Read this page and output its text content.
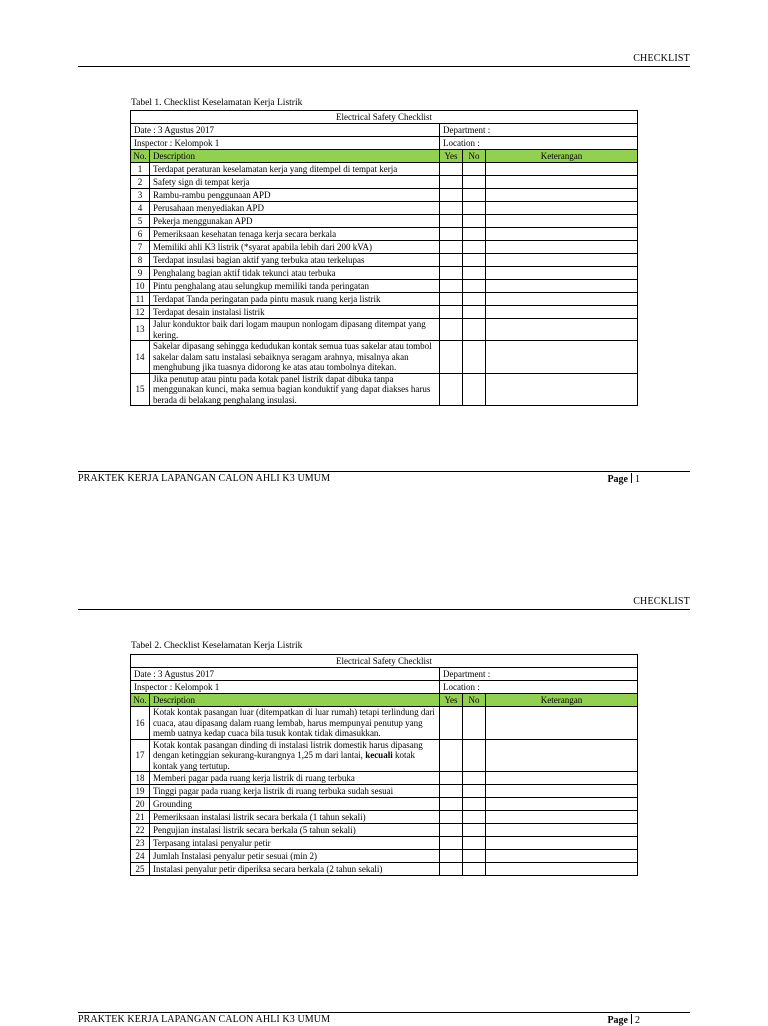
CHECKLIST
Tabel 1. Checklist Keselamatan Kerja Listrik
Electrical Safety Checklist				
Date : 3 Agustus 2017		Department :		
Inspector : Kelompok 1		Location :		
No.	Description	Yes	No	Keterangan
1	Terdapat peraturan keselamatan kerja yang ditempel di tempat kerja			
2	Safety sign di tempat kerja			
3	Rambu-rambu penggunaan APD			
4	Perusahaan menyediakan APD			
5	Pekerja menggunakan APD			
6	Pemeriksaan kesehatan tenaga kerja secara berkala			
7	Memiliki ahli K3 listrik (*syarat apabila lebih dari 200 kVA)			
8	Terdapat insulasi bagian aktif yang terbuka atau terkelupas			
9	Penghalang bagian aktif tidak tekunci atau terbuka			
10	Pintu penghalang atau selungkup memiliki tanda peringatan			
11	Terdapat Tanda peringatan pada pintu masuk ruang kerja listrik			
12	Terdapat desain instalasi listrik			
13	Jalur konduktor baik dari logam maupun nonlogam dipasang ditempat yang kering.			
14	Sakelar dipasang sehingga kedudukan kontak semua tuas sakelar atau tombol sakelar dalam satu instalasi sebaiknya seragam arahnya, misalnya akan menghubung jika tuasnya didorong ke atas atau tombolnya ditekan.			
15	Jika penutup atau pintu pada kotak panel listrik dapat dibuka tanpa menggunakan kunci, maka semua bagian konduktif yang dapat diakses harus berada di belakang penghalang insulasi.			
PRAKTEK KERJA LAPANGAN CALON AHLI K3 UMUM	Page 1
CHECKLIST
Tabel 2. Checklist Keselamatan Kerja Listrik
Electrical Safety Checklist				
Date : 3 Agustus 2017		Department :		
Inspector : Kelompok 1		Location :		
No.	Description	Yes	No	Keterangan
16	Kotak kontak pasangan luar (ditempatkan di luar rumah) tetapi terlindung dari cuaca, atau dipasang dalam ruang lembab, harus mempunyai penutup yang memb uatnya kedap cuaca bila tusuk kontak tidak dimasukkan.			
17	Kotak kontak pasangan dinding di instalasi listrik domestik harus dipasang dengan ketinggian sekurang-kurangnya 1,25 m dari lantai, kecuali kotak kontak yang tertutup.			
18	Memberi pagar pada ruang kerja listrik di ruang terbuka			
19	Tinggi pagar pada ruang kerja listrik di ruang terbuka sudah sesuai			
20	Grounding			
21	Pemeriksaan instalasi listrik secara berkala (1 tahun sekali)			
22	Pengujian instalasi listrik secara berkala (5 tahun sekali)			
23	Terpasang intalasi penyalur petir			
24	Jumlah Instalasi penyalur petir sesuai (min 2)			
25	Instalasi penyalur petir diperiksa secara berkala (2 tahun sekali)			
PRAKTEK KERJA LAPANGAN CALON AHLI K3 UMUM	Page 2
